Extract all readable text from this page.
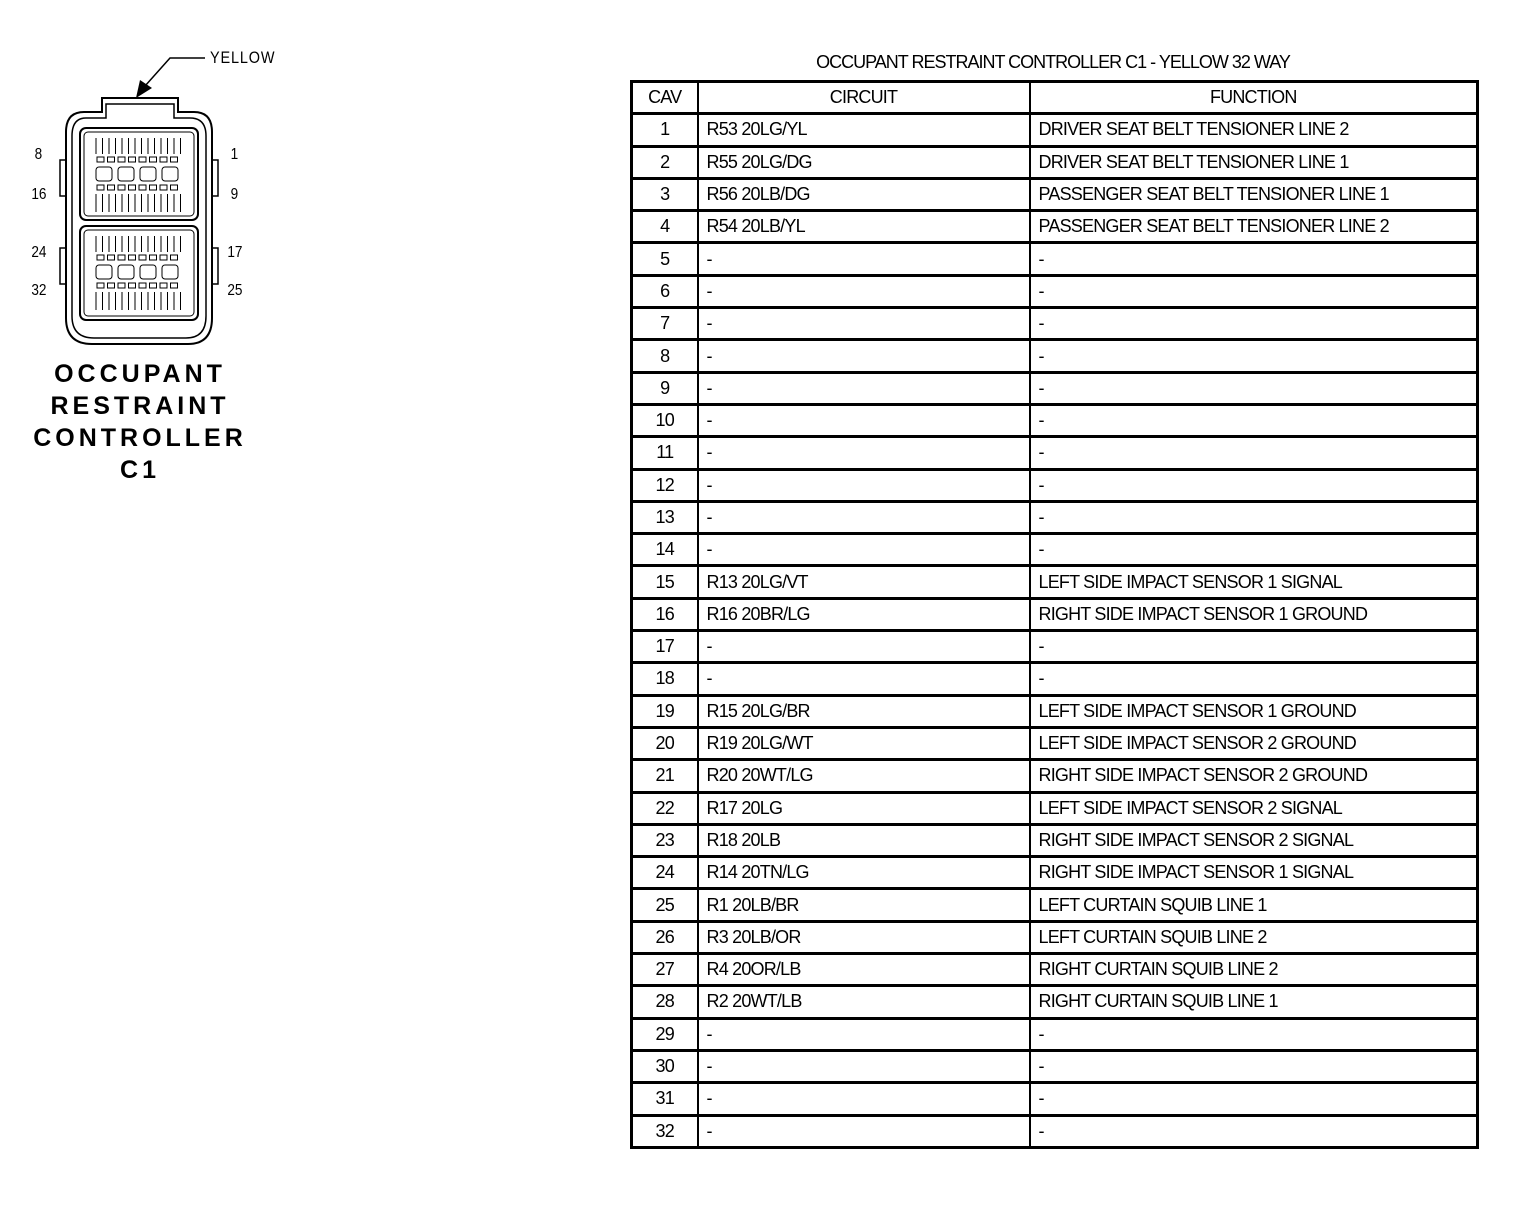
YELLOW
8
16
24
32
1
9
17
25
OCCUPANT
RESTRAINT
CONTROLLER C1
OCCUPANT RESTRAINT CONTROLLER C1 - YELLOW 32 WAY
CAV	CIRCUIT	FUNCTION
1	R53 20LG/YL	DRIVER SEAT BELT TENSIONER LINE 2
2	R55 20LG/DG	DRIVER SEAT BELT TENSIONER LINE 1
3	R56 20LB/DG	PASSENGER SEAT BELT TENSIONER LINE 1
4	R54 20LB/YL	PASSENGER SEAT BELT TENSIONER LINE 2
5	-	-
6	-	-
7	-	-
8	-	-
9	-	-
10	-	-
11	-	-
12	-	-
13	-	-
14	-	-
15	R13 20LG/VT	LEFT SIDE IMPACT SENSOR 1 SIGNAL
16	R16 20BR/LG	RIGHT SIDE IMPACT SENSOR 1 GROUND
17	-	-
18	-	-
19	R15 20LG/BR	LEFT SIDE IMPACT SENSOR 1 GROUND
20	R19 20LG/WT	LEFT SIDE IMPACT SENSOR 2 GROUND
21	R20 20WT/LG	RIGHT SIDE IMPACT SENSOR 2 GROUND
22	R17 20LG	LEFT SIDE IMPACT SENSOR 2 SIGNAL
23	R18 20LB	RIGHT SIDE IMPACT SENSOR 2 SIGNAL
24	R14 20TN/LG	RIGHT SIDE IMPACT SENSOR 1 SIGNAL
25	R1 20LB/BR	LEFT CURTAIN SQUIB LINE 1
26	R3 20LB/OR	LEFT CURTAIN SQUIB LINE 2
27	R4 20OR/LB	RIGHT CURTAIN SQUIB LINE 2
28	R2 20WT/LB	RIGHT CURTAIN SQUIB LINE 1
29	-	-
30	-	-
31	-	-
32	-	-
